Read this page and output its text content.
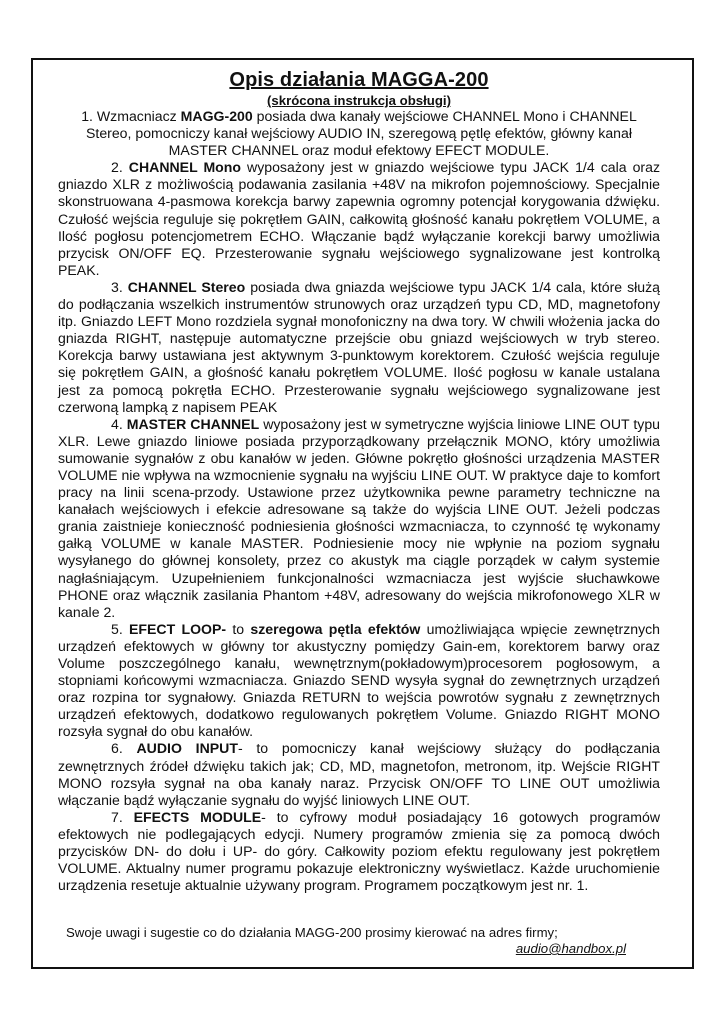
Opis działania MAGGA-200
(skrócona instrukcja obsługi)

1. Wzmacniacz MAGG-200 posiada dwa kanały wejściowe CHANNEL Mono i CHANNEL Stereo, pomocniczy kanał wejściowy AUDIO IN, szeregową pętlę efektów, główny kanał MASTER CHANNEL oraz moduł efektowy EFECT MODULE.

2. CHANNEL Mono wyposażony jest w gniazdo wejściowe typu JACK 1/4 cala oraz gniazdo XLR z możliwością podawania zasilania +48V na mikrofon pojemnościowy. Specjalnie skonstruowana 4-pasmowa korekcja barwy zapewnia ogromny potencjał korygowania dźwięku. Czułość wejścia reguluje się pokrętłem GAIN, całkowitą głośność kanału pokrętłem VOLUME, a Ilość pogłosu potencjometrem ECHO. Włączanie bądź wyłączanie korekcji barwy umożliwia przycisk ON/OFF EQ. Przesterowanie sygnału wejściowego sygnalizowane jest kontrolką PEAK.

3. CHANNEL Stereo posiada dwa gniazda wejściowe typu JACK 1/4 cala, które służą do podłączania wszelkich instrumentów strunowych oraz urządzeń typu CD, MD, magnetofony itp. Gniazdo LEFT Mono rozdziela sygnał monofoniczny na dwa tory. W chwili włożenia jacka do gniazda RIGHT, następuje automatyczne przejście obu gniazd wejściowych w tryb stereo. Korekcja barwy ustawiana jest aktywnym 3-punktowym korektorem. Czułość wejścia reguluje się pokrętłem GAIN, a głośność kanału pokrętłem VOLUME. Ilość pogłosu w kanale ustalana jest za pomocą pokrętła ECHO. Przesterowanie sygnału wejściowego sygnalizowane jest czerwoną lampką z napisem PEAK

4. MASTER CHANNEL wyposażony jest w symetryczne wyjścia liniowe LINE OUT typu XLR. Lewe gniazdo liniowe posiada przyporządkowany przełącznik MONO, który umożliwia sumowanie sygnałów z obu kanałów w jeden. Główne pokrętło głośności urządzenia MASTER VOLUME nie wpływa na wzmocnienie sygnału na wyjściu LINE OUT. W praktyce daje to komfort pracy na linii scena-przody. Ustawione przez użytkownika pewne parametry techniczne na kanałach wejściowych i efekcie adresowane są także do wyjścia LINE OUT. Jeżeli podczas grania zaistnieje konieczność podniesienia głośności wzmacniacza, to czynność tę wykonamy gałką VOLUME w kanale MASTER. Podniesienie mocy nie wpłynie na poziom sygnału wysyłanego do głównej konsolety, przez co akustyk ma ciągle porządek w całym systemie nagłaśniającym. Uzupełnieniem funkcjonalności wzmacniacza jest wyjście słuchawkowe PHONE oraz włącznik zasilania Phantom +48V, adresowany do wejścia mikrofonowego XLR w kanale 2.

5. EFECT LOOP- to szeregowa pętla efektów umożliwiająca wpięcie zewnętrznych urządzeń efektowych w główny tor akustyczny pomiędzy Gain-em, korektorem barwy oraz Volume poszczególnego kanału, wewnętrznym(pokładowym)procesorem pogłosowym, a stopniami końcowymi wzmacniacza. Gniazdo SEND wysyła sygnał do zewnętrznych urządzeń oraz rozpina tor sygnałowy. Gniazda RETURN to wejścia powrotów sygnału z zewnętrznych urządzeń efektowych, dodatkowo regulowanych pokrętłem Volume. Gniazdo RIGHT MONO rozsyła sygnał do obu kanałów.

6. AUDIO INPUT- to pomocniczy kanał wejściowy służący do podłączania zewnętrznych źródeł dźwięku takich jak; CD, MD, magnetofon, metronom, itp. Wejście RIGHT MONO rozsyła sygnał na oba kanały naraz. Przycisk ON/OFF TO LINE OUT umożliwia włączanie bądź wyłączanie sygnału do wyjść liniowych LINE OUT.

7. EFECTS MODULE- to cyfrowy moduł posiadający 16 gotowych programów efektowych nie podlegających edycji. Numery programów zmienia się za pomocą dwóch przycisków DN- do dołu i UP- do góry. Całkowity poziom efektu regulowany jest pokrętłem VOLUME. Aktualny numer programu pokazuje elektroniczny wyświetlacz. Każde uruchomienie urządzenia resetuje aktualnie używany program. Programem początkowym jest nr. 1.

Swoje uwagi i sugestie co do działania MAGG-200 prosimy kierować na adres firmy;
audio@handbox.pl
